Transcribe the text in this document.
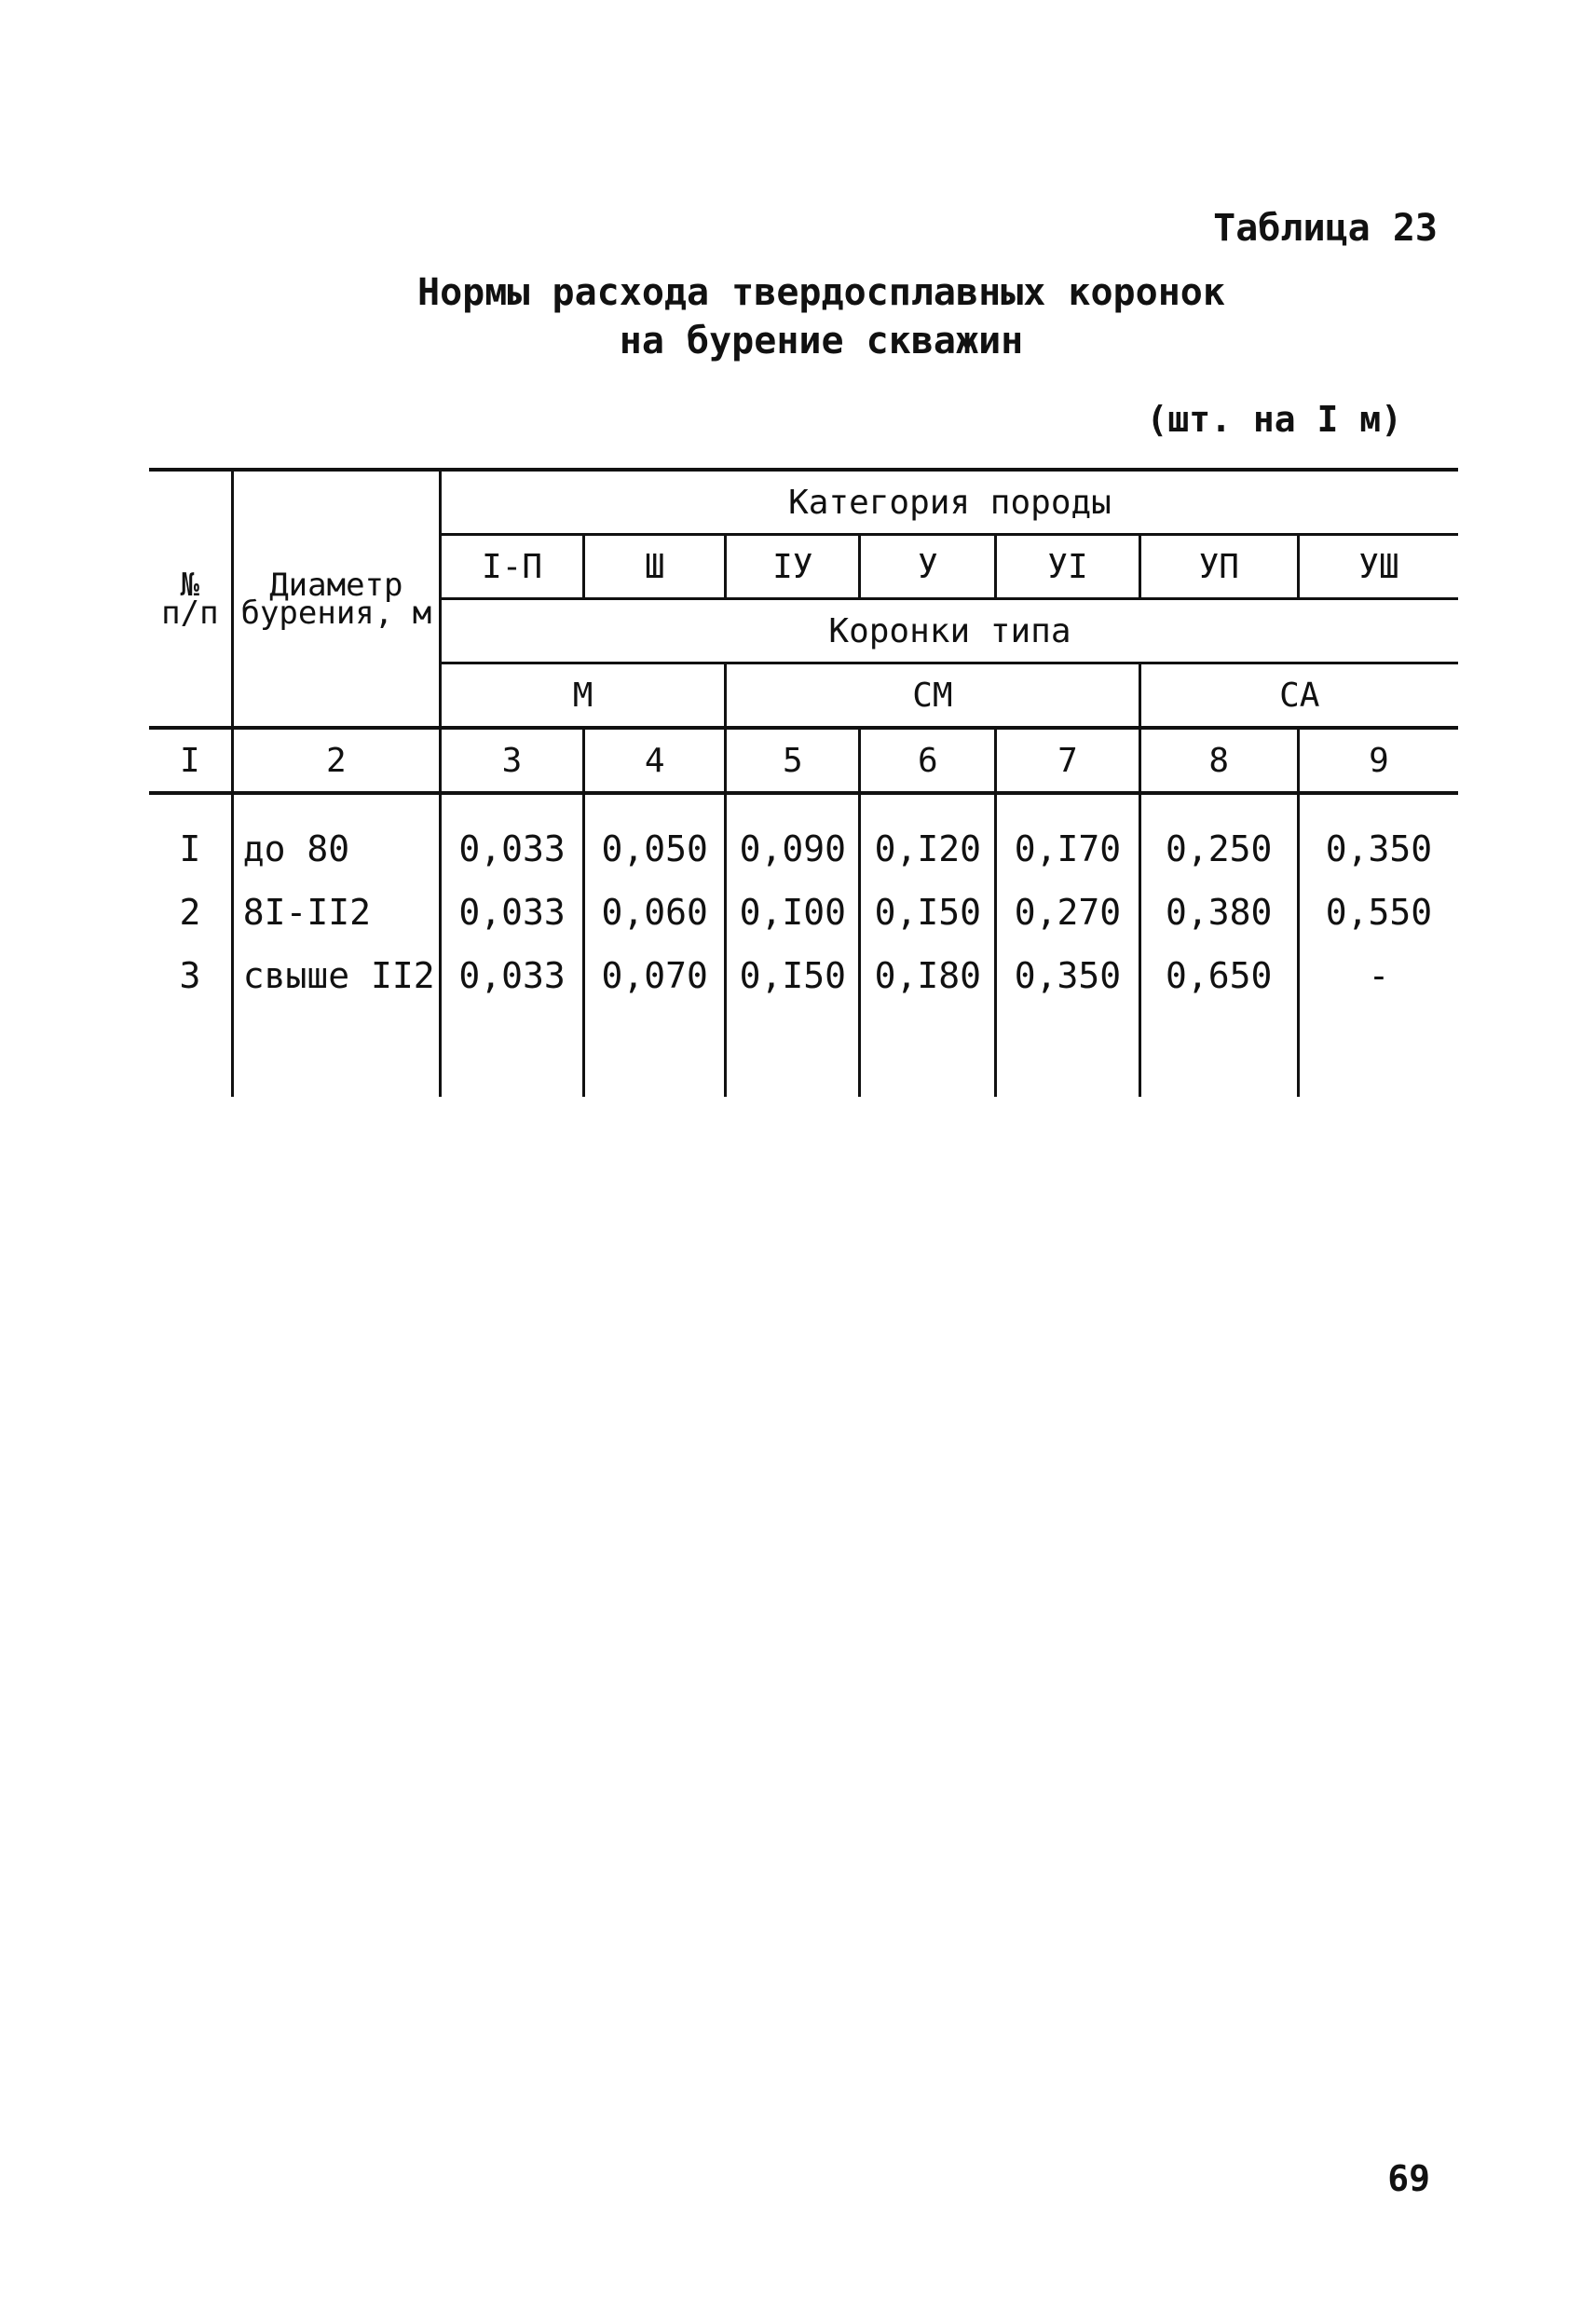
Таблица 23
Нормы расхода твердосплавных коронок
на бурение скважин
(шт. на I м)
№ п/п	Диаметр бурения, м	Категория породы						
		I-П	Ш	IУ	У	УI	УП	УШ
		Коронки типа						
		М		СМ			СА	
I	2	3	4	5	6	7	8	9
I	до 80	0,033	0,050	0,090	0,I20	0,I70	0,250	0,350
2	8I-II2	0,033	0,060	0,I00	0,I50	0,270	0,380	0,550
3	свыше II2	0,033	0,070	0,I50	0,I80	0,350	0,650	-

69
